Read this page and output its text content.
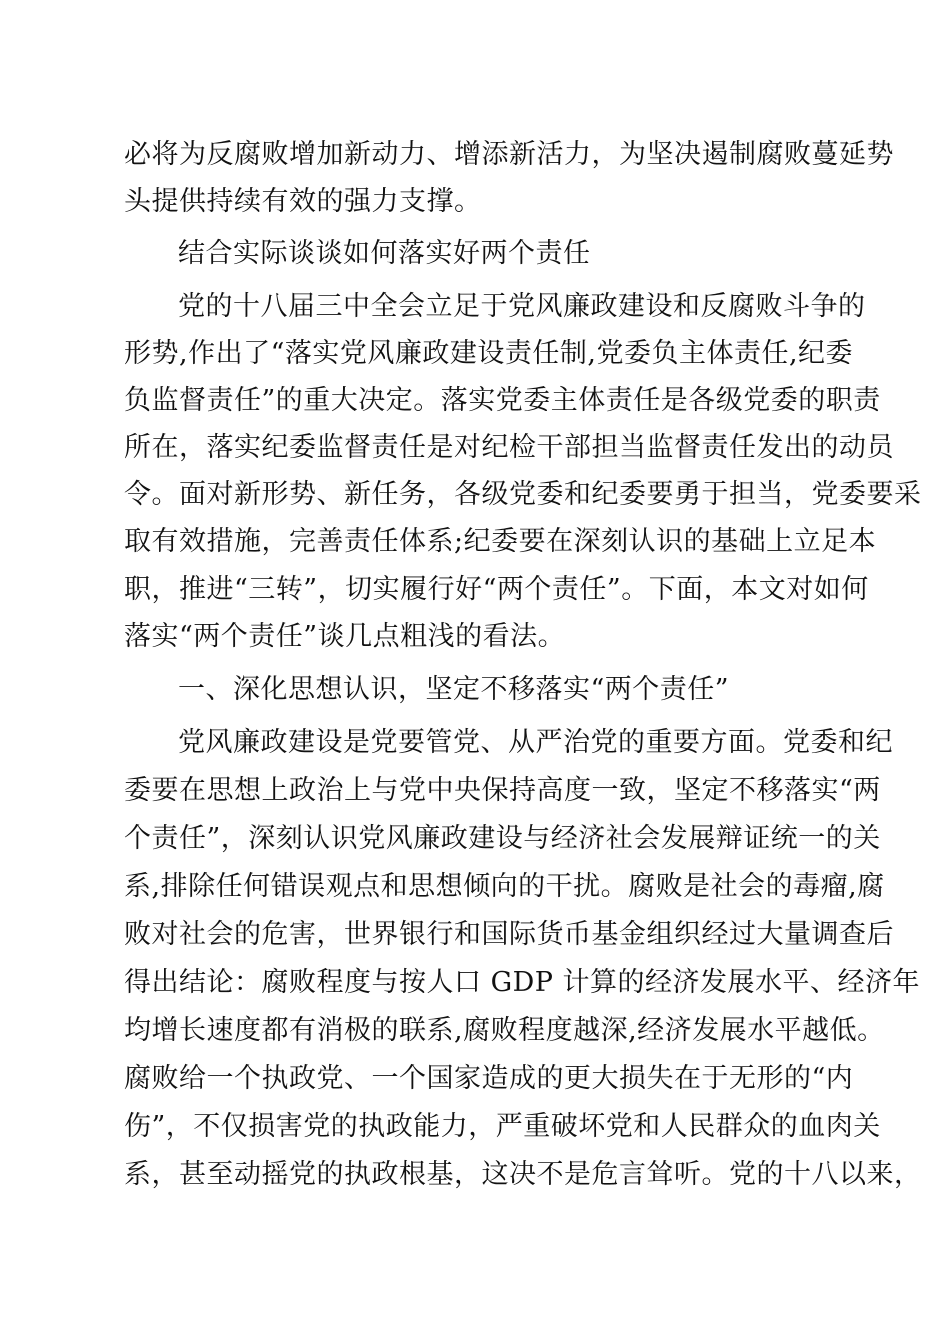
必将为反腐败增加新动力、增添新活力，为坚决遏制腐败蔓延势
头提供持续有效的强力支撑。
结合实际谈谈如何落实好两个责任
党的十八届三中全会立足于党风廉政建设和反腐败斗争的
形势,作出了“落实党风廉政建设责任制,党委负主体责任,纪委
负监督责任”的重大决定。落实党委主体责任是各级党委的职责
所在，落实纪委监督责任是对纪检干部担当监督责任发出的动员
令。面对新形势、新任务，各级党委和纪委要勇于担当，党委要采
取有效措施，完善责任体系;纪委要在深刻认识的基础上立足本
职，推进“三转”，切实履行好“两个责任”。下面，本文对如何
落实“两个责任”谈几点粗浅的看法。
一、深化思想认识，坚定不移落实“两个责任”
党风廉政建设是党要管党、从严治党的重要方面。党委和纪
委要在思想上政治上与党中央保持高度一致，坚定不移落实“两
个责任”，深刻认识党风廉政建设与经济社会发展辩证统一的关
系,排除任何错误观点和思想倾向的干扰。腐败是社会的毒瘤,腐
败对社会的危害，世界银行和国际货币基金组织经过大量调查后
得出结论：腐败程度与按人口 GDP 计算的经济发展水平、经济年
均增长速度都有消极的联系,腐败程度越深,经济发展水平越低。
腐败给一个执政党、一个国家造成的更大损失在于无形的“内
伤”，不仅损害党的执政能力，严重破坏党和人民群众的血肉关
系，甚至动摇党的执政根基，这决不是危言耸听。党的十八以来，
